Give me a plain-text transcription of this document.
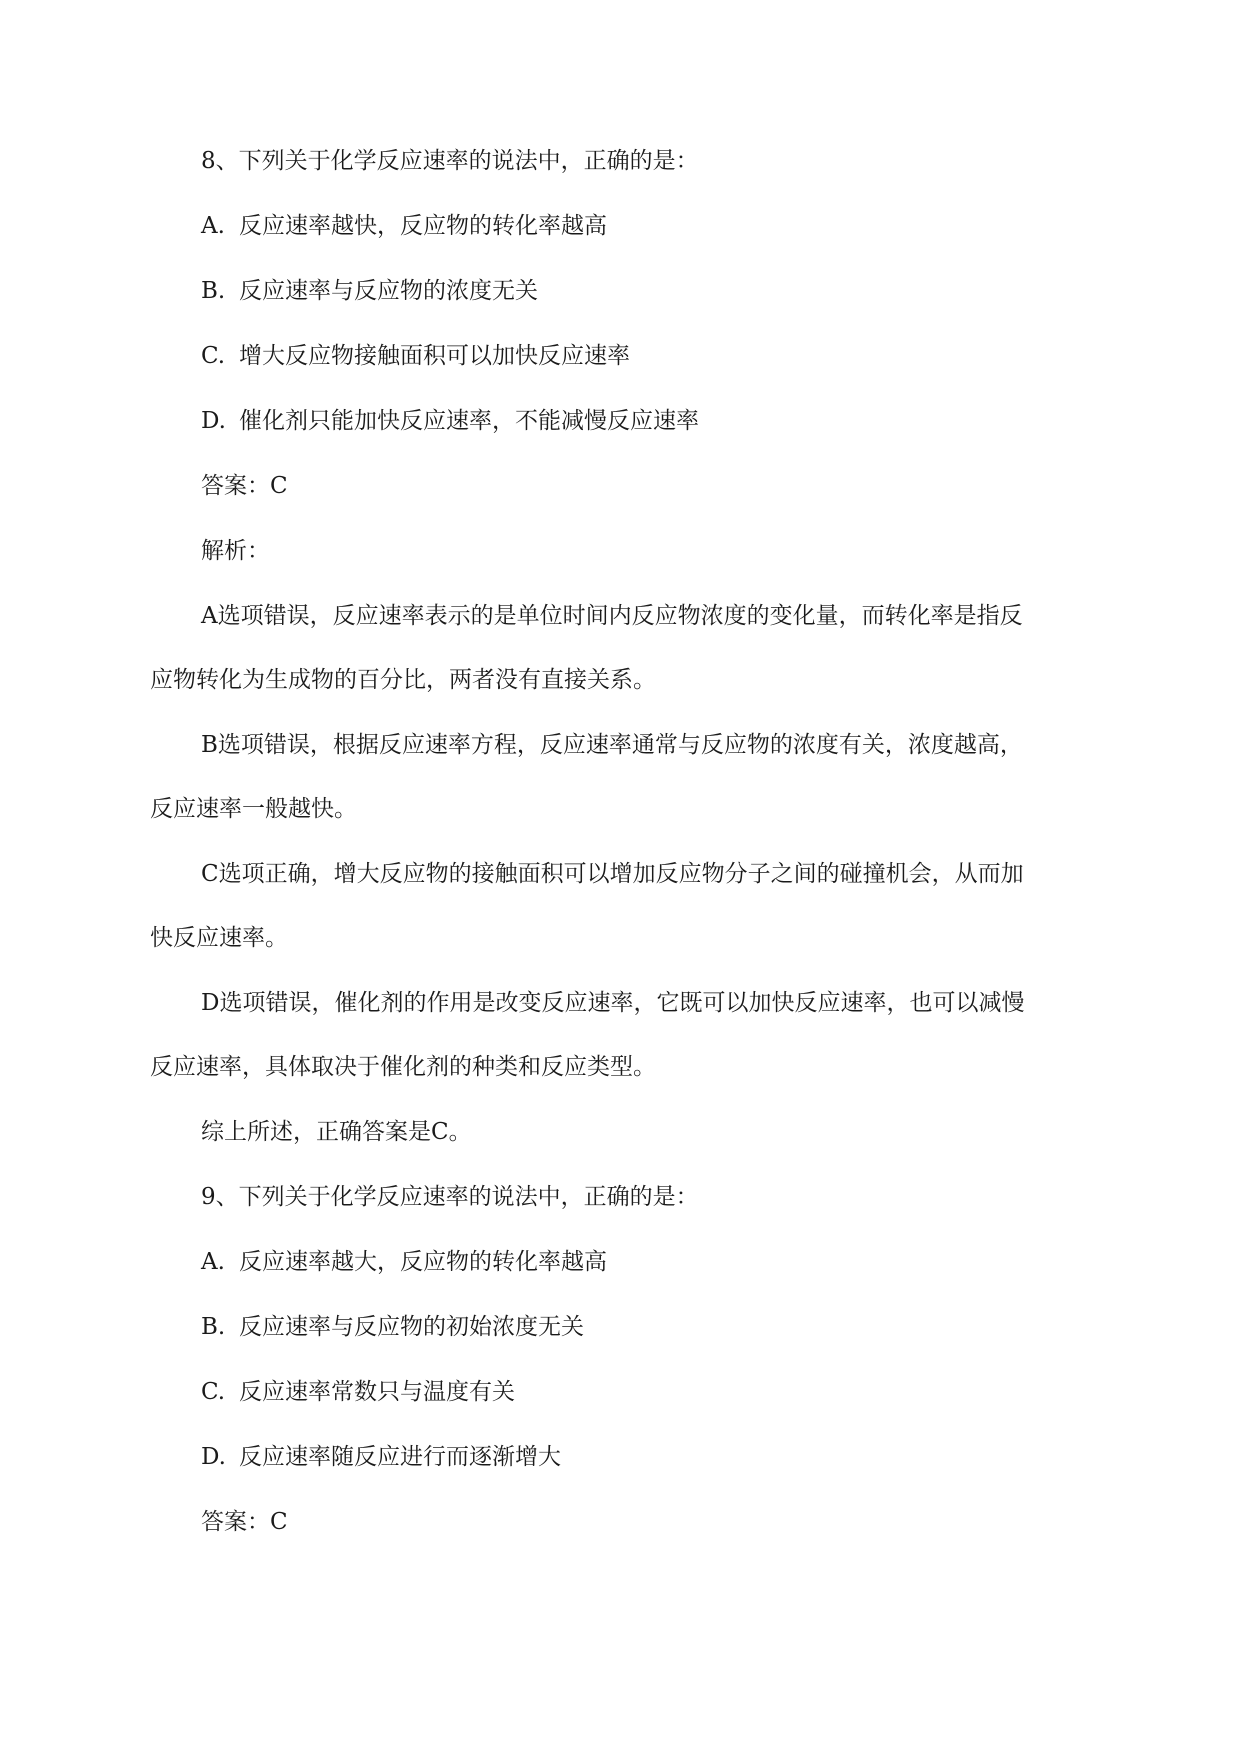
8、下列关于化学反应速率的说法中，正确的是：
A. 反应速率越快，反应物的转化率越高
B. 反应速率与反应物的浓度无关
C. 增大反应物接触面积可以加快反应速率
D. 催化剂只能加快反应速率，不能减慢反应速率
答案：C
解析：
A选项错误，反应速率表示的是单位时间内反应物浓度的变化量，而转化率是指反
应物转化为生成物的百分比，两者没有直接关系。
B选项错误，根据反应速率方程，反应速率通常与反应物的浓度有关，浓度越高，
反应速率一般越快。
C选项正确，增大反应物的接触面积可以增加反应物分子之间的碰撞机会，从而加
快反应速率。
D选项错误，催化剂的作用是改变反应速率，它既可以加快反应速率，也可以减慢
反应速率，具体取决于催化剂的种类和反应类型。
综上所述，正确答案是C。
9、下列关于化学反应速率的说法中，正确的是：
A. 反应速率越大，反应物的转化率越高
B. 反应速率与反应物的初始浓度无关
C. 反应速率常数只与温度有关
D. 反应速率随反应进行而逐渐增大
答案：C
